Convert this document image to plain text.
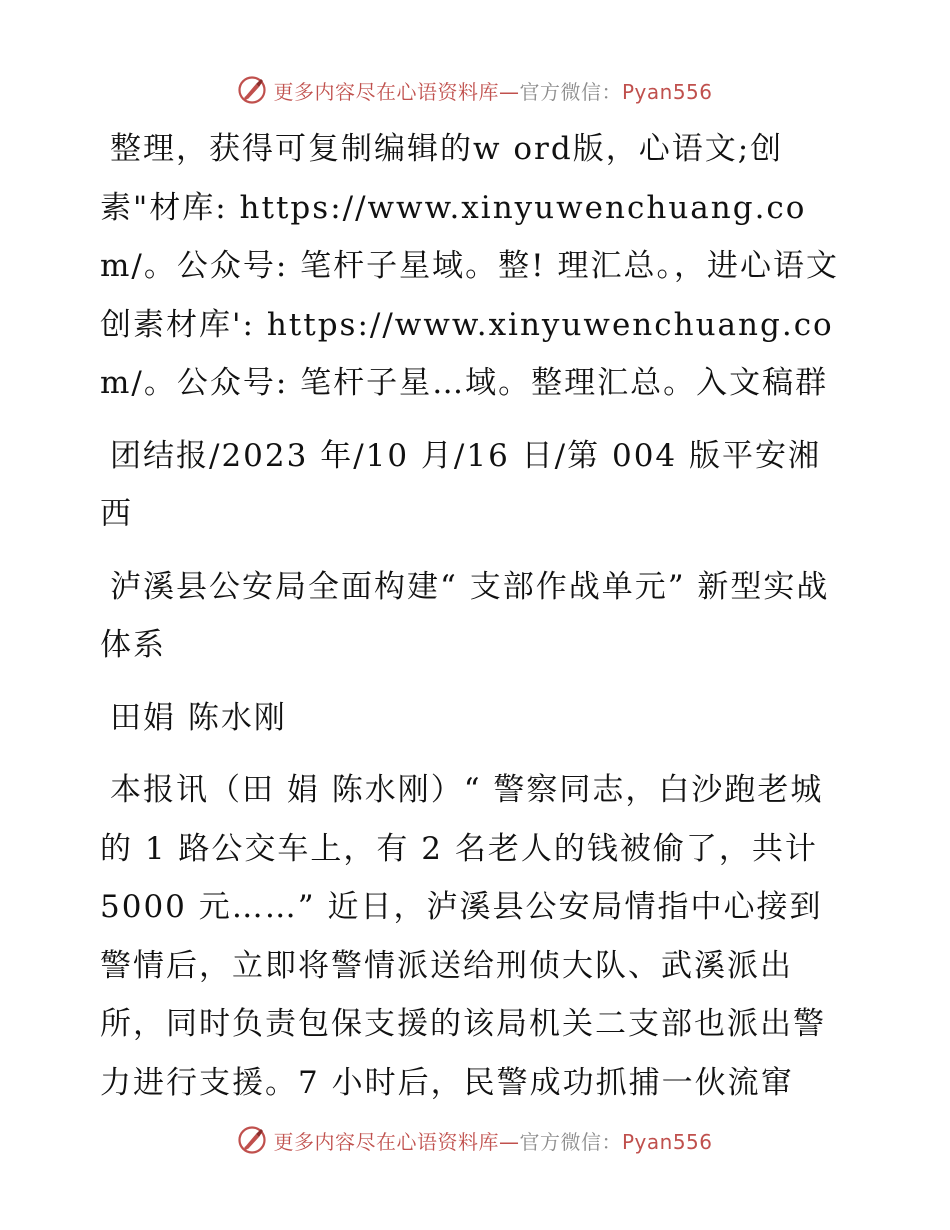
更多内容尽在心语资料库—官方微信：Pyan556

整理，获得可复制编辑的w ord版，心语文;创素"材库: https://www.xinyuwenchuang.com/。公众号: 笔杆子星域。整! 理汇总。，进心语文创素材库': https://www.xinyuwenchuang.com/。公众号: 笔杆子星…域。整理汇总。入文稿群

团结报/2023 年/10 月/16 日/第 004 版平安湘西

泸溪县公安局全面构建“ 支部作战单元” 新型实战体系

田娟 陈水刚

本报讯（田 娟 陈水刚）“ 警察同志，白沙跑老城的 1 路公交车上，有 2 名老人的钱被偷了，共计 5000 元……” 近日，泸溪县公安局情指中心接到警情后，立即将警情派送给刑侦大队、武溪派出所，同时负责包保支援的该局机关二支部也派出警力进行支援。7 小时后，民警成功抓捕一伙流窜

更多内容尽在心语资料库—官方微信：Pyan556
